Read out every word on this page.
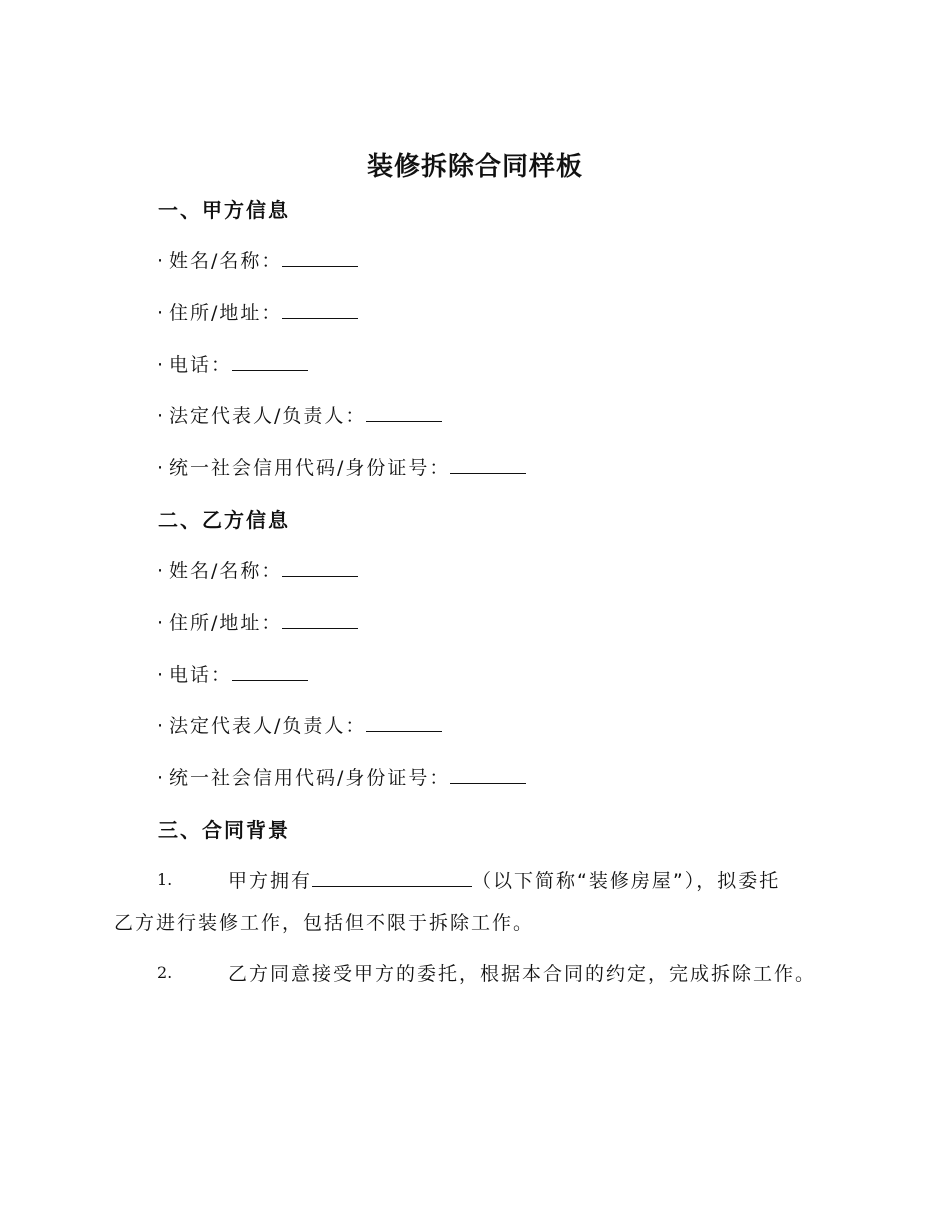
装修拆除合同样板
一、甲方信息
· 姓名/名称：
· 住所/地址：
· 电话：
· 法定代表人/负责人：
· 统一社会信用代码/身份证号：
二、乙方信息
· 姓名/名称：
· 住所/地址：
· 电话：
· 法定代表人/负责人：
· 统一社会信用代码/身份证号：
三、合同背景
1.	甲方拥有	（以下简称“装修房屋”），拟委托
乙方进行装修工作，包括但不限于拆除工作。
2.	乙方同意接受甲方的委托，根据本合同的约定，完成拆除工作。
